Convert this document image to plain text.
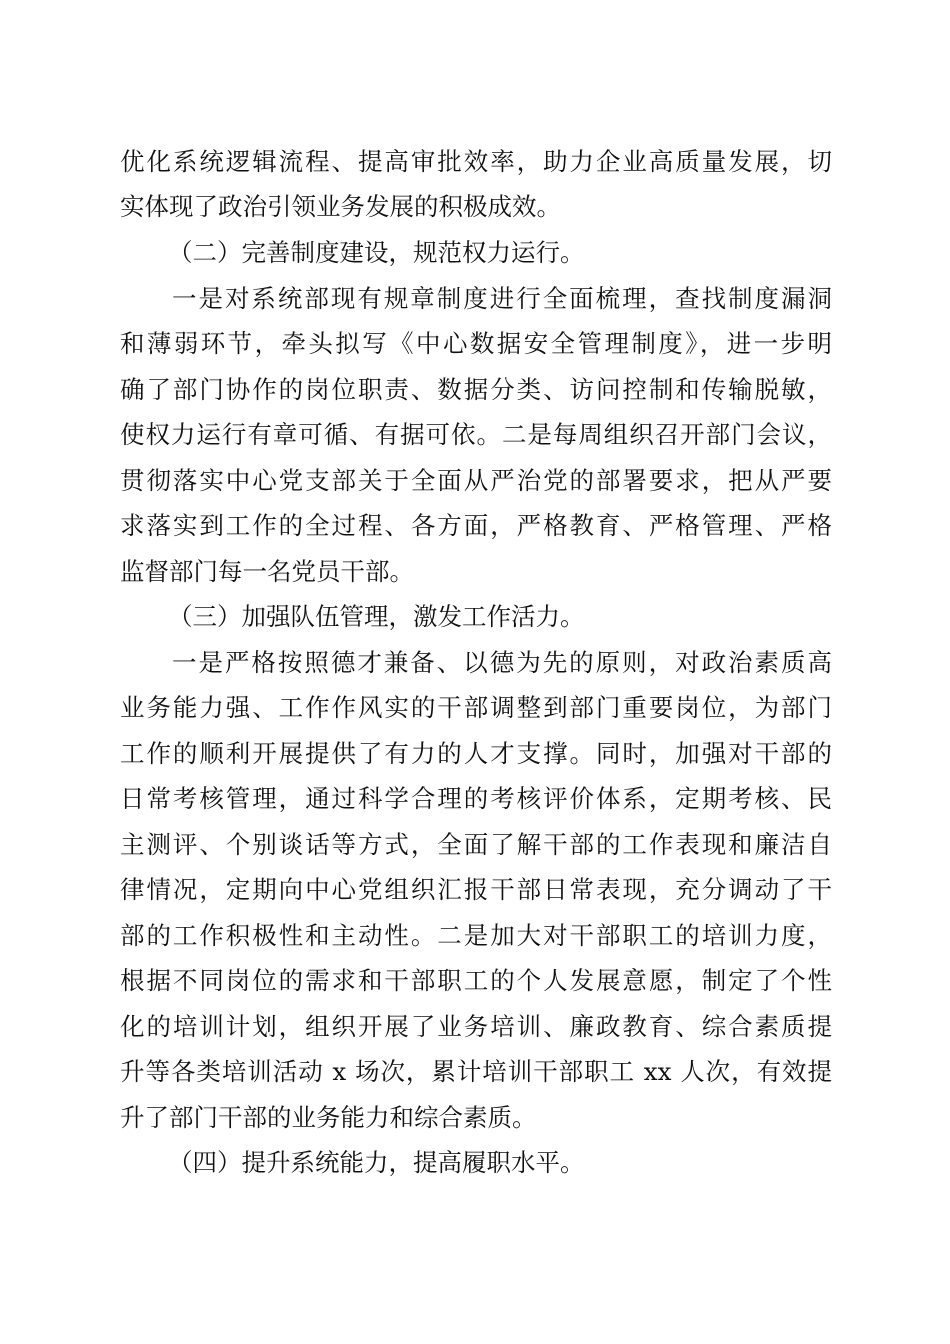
优化系统逻辑流程、提高审批效率，助力企业高质量发展，切
实体现了政治引领业务发展的积极成效。
（二）完善制度建设，规范权力运行。
一是对系统部现有规章制度进行全面梳理，查找制度漏洞
和薄弱环节，牵头拟写《中心数据安全管理制度》，进一步明
确了部门协作的岗位职责、数据分类、访问控制和传输脱敏，
使权力运行有章可循、有据可依。二是每周组织召开部门会议，
贯彻落实中心党支部关于全面从严治党的部署要求，把从严要
求落实到工作的全过程、各方面，严格教育、严格管理、严格
监督部门每一名党员干部。
（三）加强队伍管理，激发工作活力。
一是严格按照德才兼备、以德为先的原则，对政治素质高
业务能力强、工作作风实的干部调整到部门重要岗位，为部门
工作的顺利开展提供了有力的人才支撑。同时，加强对干部的
日常考核管理，通过科学合理的考核评价体系，定期考核、民
主测评、个别谈话等方式，全面了解干部的工作表现和廉洁自
律情况，定期向中心党组织汇报干部日常表现，充分调动了干
部的工作积极性和主动性。二是加大对干部职工的培训力度，
根据不同岗位的需求和干部职工的个人发展意愿，制定了个性
化的培训计划，组织开展了业务培训、廉政教育、综合素质提
升等各类培训活动 x 场次，累计培训干部职工 xx 人次，有效提
升了部门干部的业务能力和综合素质。
（四）提升系统能力，提高履职水平。
